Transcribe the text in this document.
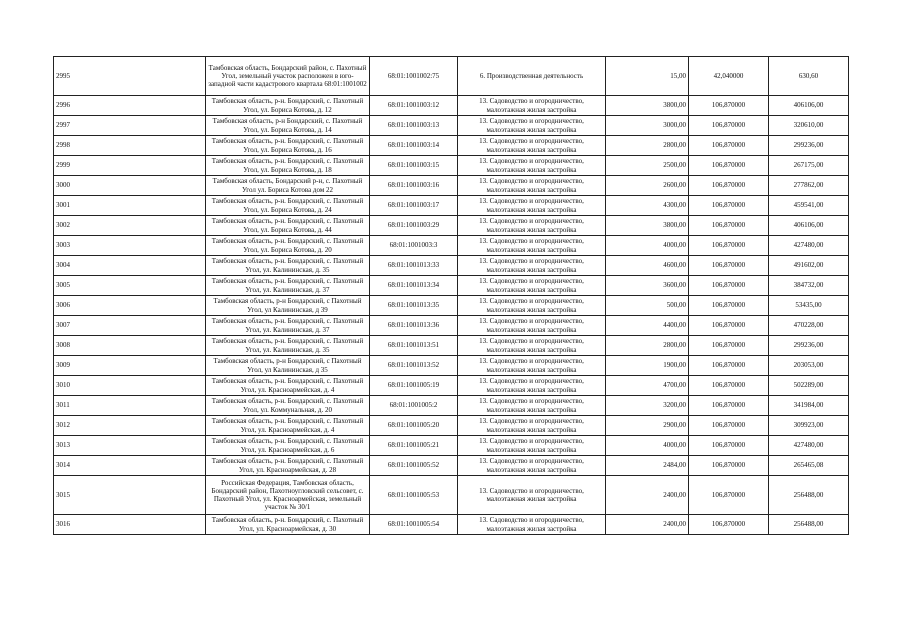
2995	Тамбовская область, Бондарский район, с. Пахотный Угол, земельный участок расположен в юго-западной части кадастрового квартала 68:01:1001002	68:01:1001002:75	6. Производственная деятельность	15,00	42,040000	630,60
2996	Тамбовская область, р-н. Бондарский, с. Пахотный Угол, ул. Бориса Котова, д. 12	68:01:1001003:12	13. Садоводство и огородничество, малоэтажная жилая застройка	3800,00	106,870000	406106,00
2997	Тамбовская область, р-н Бондарский, с. Пахотный Угол, ул. Бориса Котова, д. 14	68:01:1001003:13	13. Садоводство и огородничество, малоэтажная жилая застройка	3000,00	106,870000	320610,00
2998	Тамбовская область, р-н. Бондарский, с. Пахотный Угол, ул. Бориса Котова, д. 16	68:01:1001003:14	13. Садоводство и огородничество, малоэтажная жилая застройка	2800,00	106,870000	299236,00
2999	Тамбовская область, р-н. Бондарский, с. Пахотный Угол, ул. Бориса Котова, д. 18	68:01:1001003:15	13. Садоводство и огородничество, малоэтажная жилая застройка	2500,00	106,870000	267175,00
3000	Тамбовская область, Бондарский р-н, с. Пахотный Угол ул. Бориса Котова дом 22	68:01:1001003:16	13. Садоводство и огородничество, малоэтажная жилая застройка	2600,00	106,870000	277862,00
3001	Тамбовская область, р-н. Бондарский, с. Пахотный Угол, ул. Бориса Котова, д. 24	68:01:1001003:17	13. Садоводство и огородничество, малоэтажная жилая застройка	4300,00	106,870000	459541,00
3002	Тамбовская область, р-н. Бондарский, с. Пахотный Угол, ул. Бориса Котова, д. 44	68:01:1001003:29	13. Садоводство и огородничество, малоэтажная жилая застройка	3800,00	106,870000	406106,00
3003	Тамбовская область, р-н. Бондарский, с. Пахотный Угол, ул. Бориса Котова, д. 20	68:01:1001003:3	13. Садоводство и огородничество, малоэтажная жилая застройка	4000,00	106,870000	427480,00
3004	Тамбовская область, р-н. Бондарский, с. Пахотный Угол, ул. Калининская, д. 35	68:01:1001013:33	13. Садоводство и огородничество, малоэтажная жилая застройка	4600,00	106,870000	491602,00
3005	Тамбовская область, р-н. Бондарский, с. Пахотный Угол, ул. Калининская, д. 37	68:01:1001013:34	13. Садоводство и огородничество, малоэтажная жилая застройка	3600,00	106,870000	384732,00
3006	Тамбовская область, р-н Бондарский, с Пахотный Угол, ул Калининская, д 39	68:01:1001013:35	13. Садоводство и огородничество, малоэтажная жилая застройка	500,00	106,870000	53435,00
3007	Тамбовская область, р-н. Бондарский, с. Пахотный Угол, ул. Калининская, д. 37	68:01:1001013:36	13. Садоводство и огородничество, малоэтажная жилая застройка	4400,00	106,870000	470228,00
3008	Тамбовская область, р-н. Бондарский, с. Пахотный Угол, ул. Калининская, д. 35	68:01:1001013:51	13. Садоводство и огородничество, малоэтажная жилая застройка	2800,00	106,870000	299236,00
3009	Тамбовская область, р-н Бондарский, с Пахотный Угол, ул Калининская, д 35	68:01:1001013:52	13. Садоводство и огородничество, малоэтажная жилая застройка	1900,00	106,870000	203053,00
3010	Тамбовская область, р-н. Бондарский, с. Пахотный Угол, ул. Красноармейская, д. 4	68:01:1001005:19	13. Садоводство и огородничество, малоэтажная жилая застройка	4700,00	106,870000	502289,00
3011	Тамбовская область, р-н. Бондарский, с. Пахотный Угол, ул. Коммунальная, д. 20	68:01:1001005:2	13. Садоводство и огородничество, малоэтажная жилая застройка	3200,00	106,870000	341984,00
3012	Тамбовская область, р-н. Бондарский, с. Пахотный Угол, ул. Красноармейская, д. 4	68:01:1001005:20	13. Садоводство и огородничество, малоэтажная жилая застройка	2900,00	106,870000	309923,00
3013	Тамбовская область, р-н. Бондарский, с. Пахотный Угол, ул. Красноармейская, д. 6	68:01:1001005:21	13. Садоводство и огородничество, малоэтажная жилая застройка	4000,00	106,870000	427480,00
3014	Тамбовская область, р-н. Бондарский, с. Пахотный Угол, ул. Красноармейская, д. 28	68:01:1001005:52	13. Садоводство и огородничество, малоэтажная жилая застройка	2484,00	106,870000	265465,08
3015	Российская Федерация, Тамбовская область, Бондарский район, Пахотноугловский сельсовет, с. Пахотный Угол, ул. Красноармейская, земельный участок № 30/1	68:01:1001005:53	13. Садоводство и огородничество, малоэтажная жилая застройка	2400,00	106,870000	256488,00
3016	Тамбовская область, р-н. Бондарский, с. Пахотный Угол, ул. Красноармейская, д. 30	68:01:1001005:54	13. Садоводство и огородничество, малоэтажная жилая застройка	2400,00	106,870000	256488,00
